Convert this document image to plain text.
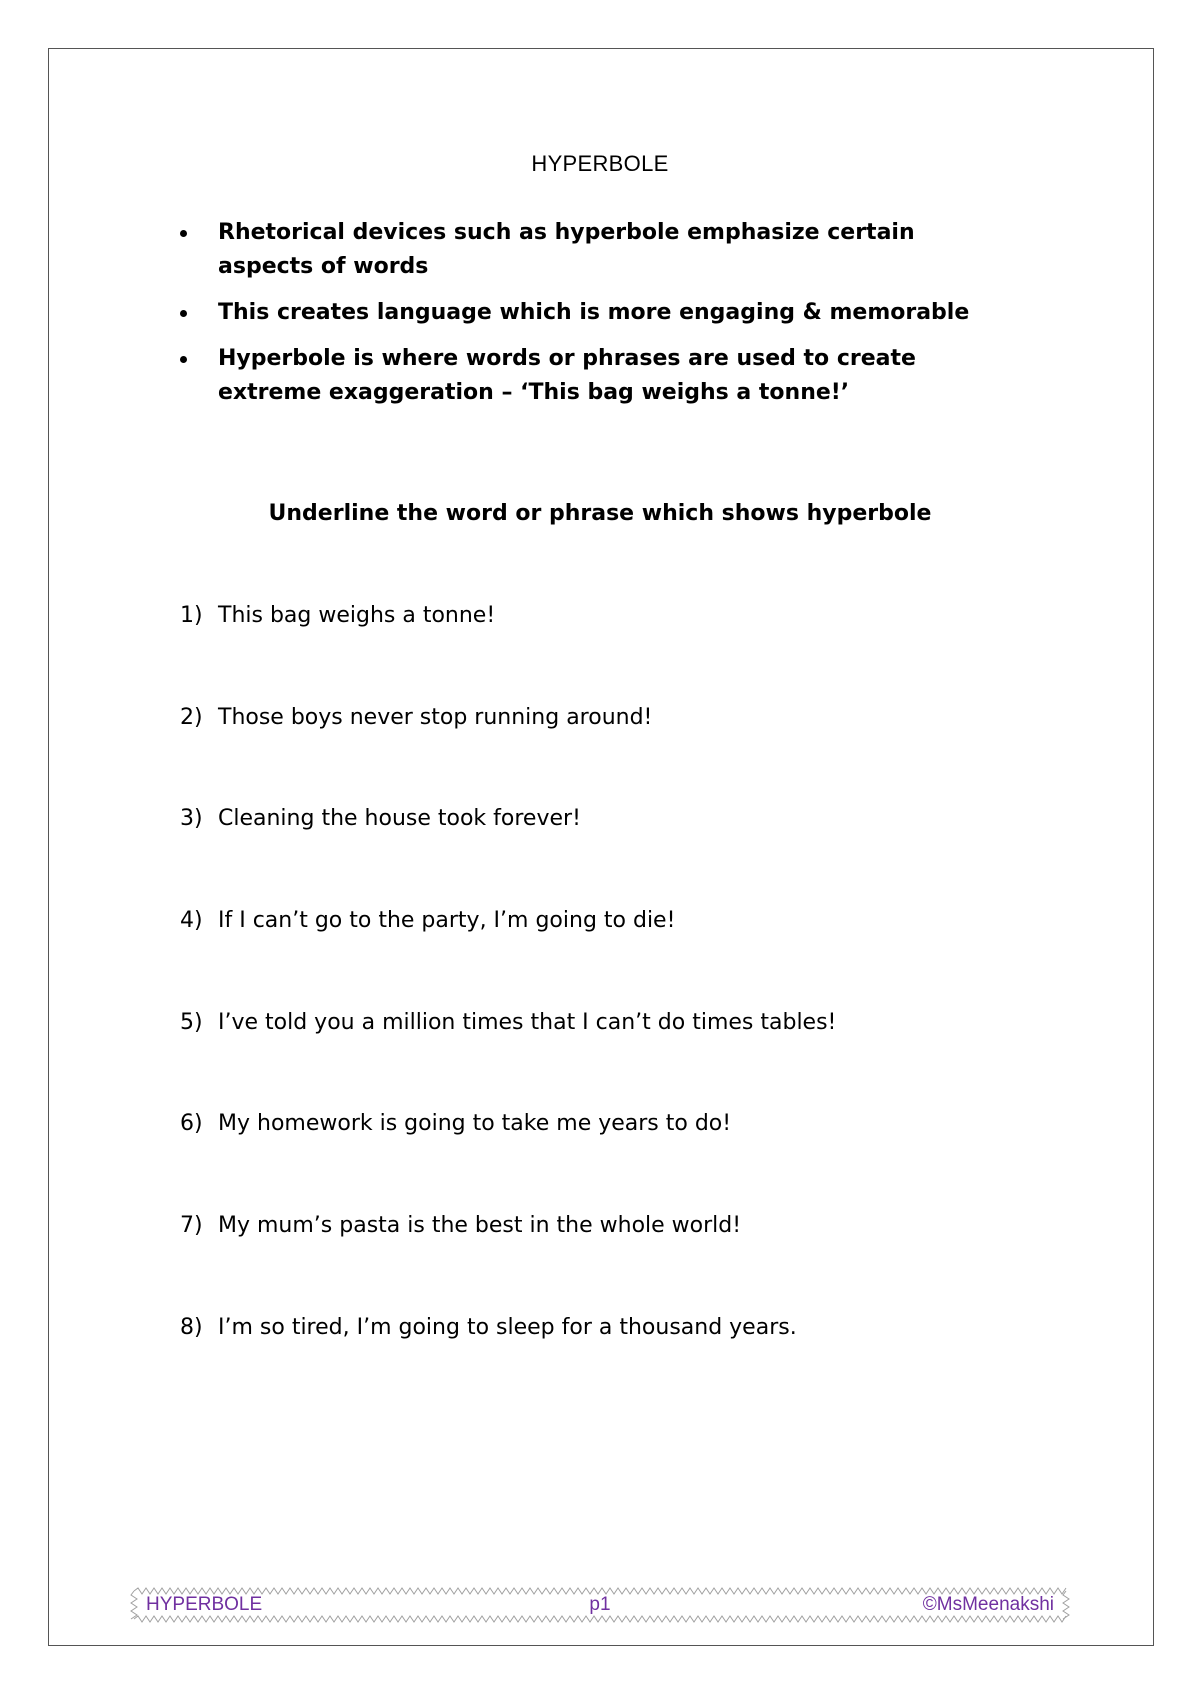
HYPERBOLE
Rhetorical devices such as hyperbole emphasize certain aspects of words
This creates language which is more engaging & memorable
Hyperbole is where words or phrases are used to create extreme exaggeration – ‘This bag weighs a tonne!’
Underline the word or phrase which shows hyperbole
1) This bag weighs a tonne!
2) Those boys never stop running around!
3) Cleaning the house took forever!
4) If I can’t go to the party, I’m going to die!
5) I’ve told you a million times that I can’t do times tables!
6) My homework is going to take me years to do!
7) My mum’s pasta is the best in the whole world!
8) I’m so tired, I’m going to sleep for a thousand years.
HYPERBOLE	p1	©MsMeenakshi
